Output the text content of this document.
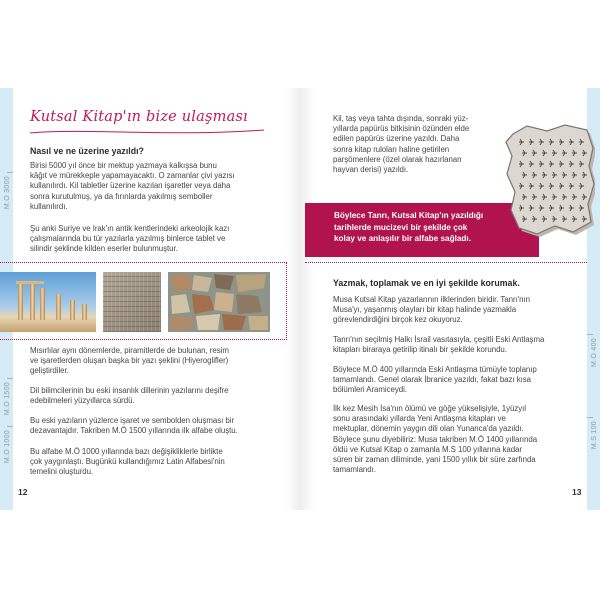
M.Ö 3000
M.Ö 1500
M.Ö 1000
M.Ö 400
M.S 100
Kutsal Kitap'ın bize ulaşması
Nasıl ve ne üzerine yazıldı?
Birisi 5000 yıl önce bir mektup yazmaya kalkışsa bunu
kâğıt ve mürekkeple yapamayacaktı. O zamanlar çivi yazısı
kullanılırdı. Kil tabletler üzerine kazılan işaretler veya daha
sonra kurutulmuş, ya da fırınlarda yakılmış semboller
kullanılırdı.
Şu anki Suriye ve Irak'ın antik kentlerindeki arkeolojik kazı
çalışmalarında bu tür yazılarla yazılmış binlerce tablet ve
silindir şeklinde kilden eserler bulunmuştur.
Mısırlılar aynı dönemlerde, piramitlerde de bulunan, resim
ve işaretlerden oluşan başka bir yazı şeklini (Hiyeroglifler)
geliştirdiler.
Dil bilimcilerinin bu eski insanlık dillerinin yazılarını deşifre
edebilmeleri yüzyıllarca sürdü.
Bu eski yazıların yüzlerce işaret ve sembolden oluşması bir
dezavantajdır. Takriben M.Ö 1500 yıllarında ilk alfabe oluştu.
Bu alfabe M.Ö 1000 yıllarında bazı değişikliklerle birlikte
çok yaygınlaştı. Bugünkü kullandığımız Latin Alfabesi'nin
temelini oluşturdu.
12
Kil, taş veya tahta dışında, sonraki yüz-
yıllarda papürüs bitkisinin özünden elde
edilen papürüs üzerine yazıldı. Daha
sonra kitap ruloları haline getirilen
parşömenlere (özel olarak hazırlanan
hayvan derisi) yazıldı.
Böylece Tanrı, Kutsal Kitap'ın yazıldığı
tarihlerde mucizevi bir şekilde çok
kolay ve anlaşılır bir alfabe sağladı.
Yazmak, toplamak ve en iyi şekilde korumak.
Musa Kutsal Kitap yazarlarının ilklerinden biridir. Tanrı'nın
Musa'yı, yaşanmış olayları bir kitap halinde yazmakla
görevlendirdiğini birçok kez okuyoruz.
Tanrı'nın seçilmiş Halkı İsrail vasıtasıyla, çeşitli Eski Antlaşma
kitapları biraraya getirilip itinalı bir şekilde korundu.
Böylece M.Ö 400 yıllarında Eski Antlaşma tümüyle toplanıp
tamamlandı. Genel olarak İbranice yazıldı, fakat bazı kısa
bölümleri Aramiceydi.
İlk kez Mesih İsa'nın ölümü ve göğe yükselişiyle, 1yüzyıl
sonu arasındaki yıllarda Yeni Antlaşma kitapları ve
mektuplar, dönemin yaygın dili olan Yunanca'da yazıldı.
Böylece şunu diyebiliriz: Musa takriben M.Ö 1400 yıllarında
öldü ve Kutsal Kitap o zamanla M.S 100 yıllarına kadar
süren bir zaman diliminde, yani 1500 yıllık bir süre zarfında
tamamlandı.
13
